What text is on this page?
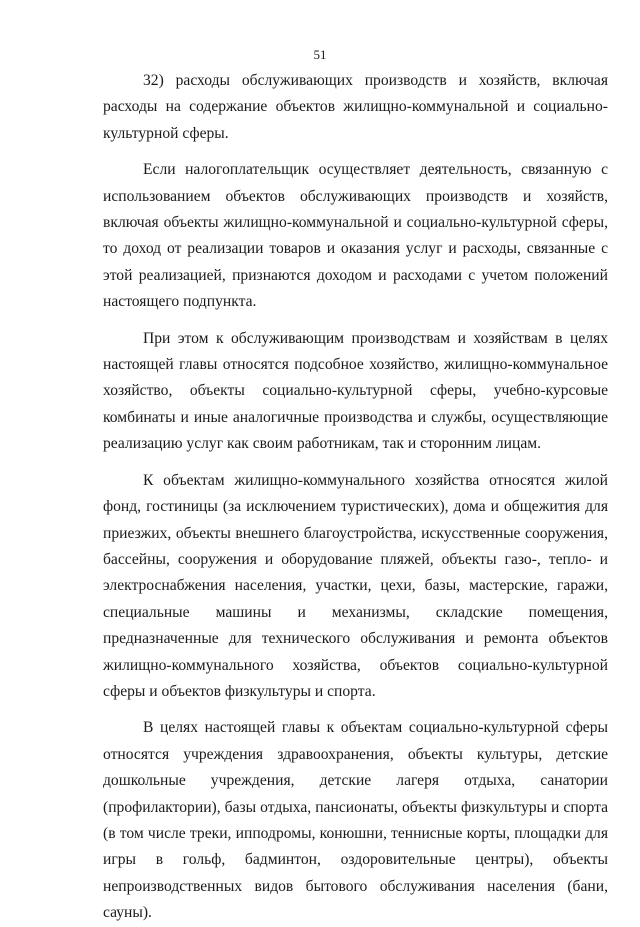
51

32) расходы обслуживающих производств и хозяйств, включая расходы на содержание объектов жилищно-коммунальной и социально-культурной сферы.

Если налогоплательщик осуществляет деятельность, связанную с использованием объектов обслуживающих производств и хозяйств, включая объекты жилищно-коммунальной и социально-культурной сферы, то доход от реализации товаров и оказания услуг и расходы, связанные с этой реализацией, признаются доходом и расходами с учетом положений настоящего подпункта.

При этом к обслуживающим производствам и хозяйствам в целях настоящей главы относятся подсобное хозяйство, жилищно-коммунальное хозяйство, объекты социально-культурной сферы, учебно-курсовые комбинаты и иные аналогичные производства и службы, осуществляющие реализацию услуг как своим работникам, так и сторонним лицам.

К объектам жилищно-коммунального хозяйства относятся жилой фонд, гостиницы (за исключением туристических), дома и общежития для приезжих, объекты внешнего благоустройства, искусственные сооружения, бассейны, сооружения и оборудование пляжей, объекты газо-, тепло- и электроснабжения населения, участки, цехи, базы, мастерские, гаражи, специальные машины и механизмы, складские помещения, предназначенные для технического обслуживания и ремонта объектов жилищно-коммунального хозяйства, объектов социально-культурной сферы и объектов физкультуры и спорта.

В целях настоящей главы к объектам социально-культурной сферы относятся учреждения здравоохранения, объекты культуры, детские дошкольные учреждения, детские лагеря отдыха, санатории (профилактории), базы отдыха, пансионаты, объекты физкультуры и спорта (в том числе треки, ипподромы, конюшни, теннисные корты, площадки для игры в гольф, бадминтон, оздоровительные центры), объекты непроизводственных видов бытового обслуживания населения (бани, сауны).
